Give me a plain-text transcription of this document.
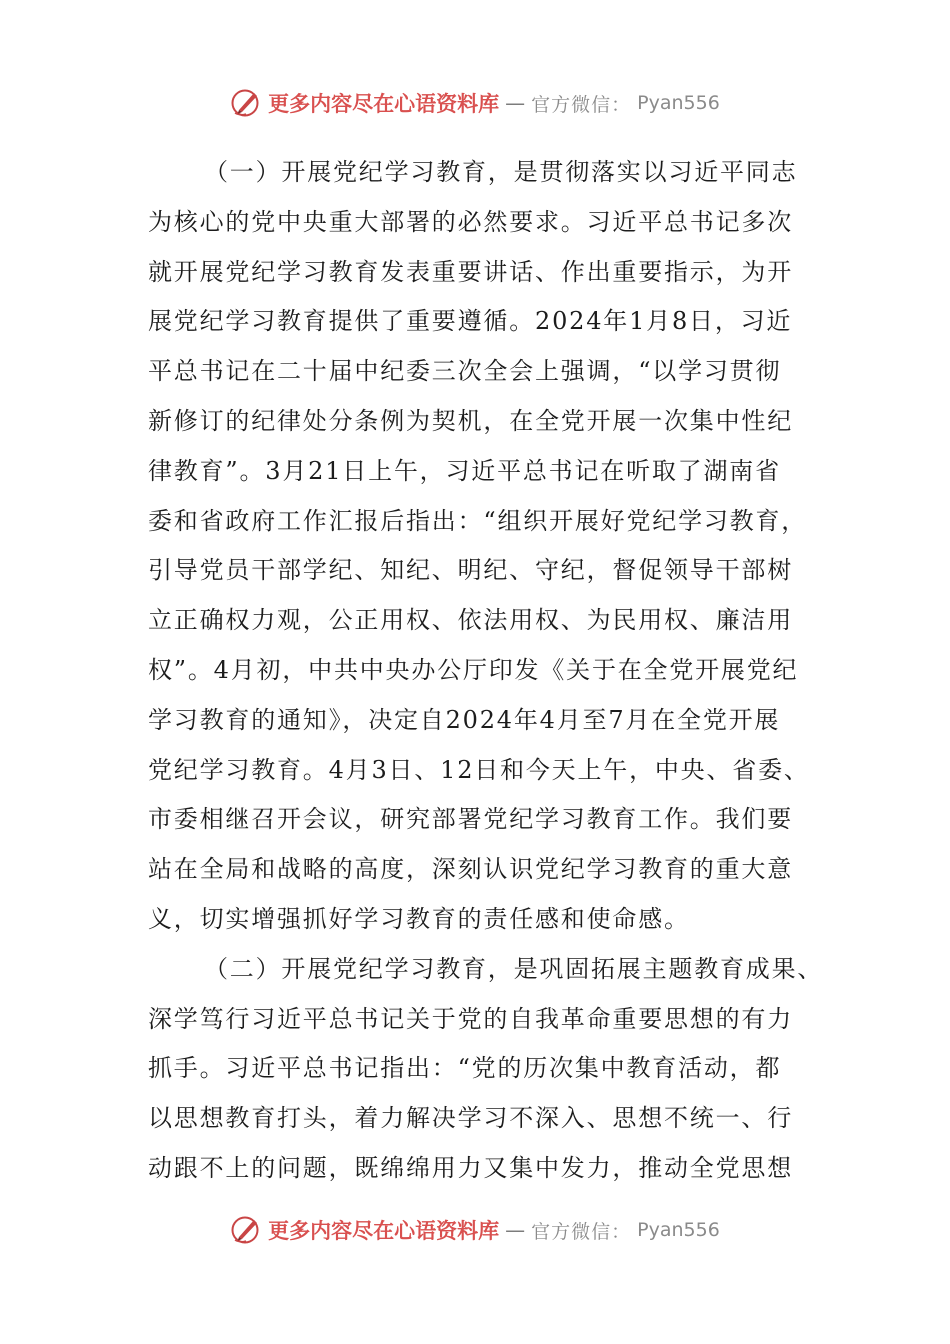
更多内容尽在心语资料库 — 官方微信： Pyan556
（一）开展党纪学习教育，是贯彻落实以习近平同志
为核心的党中央重大部署的必然要求。习近平总书记多次
就开展党纪学习教育发表重要讲话、作出重要指示，为开
展党纪学习教育提供了重要遵循。2024年1月8日，习近
平总书记在二十届中纪委三次全会上强调，“以学习贯彻
新修订的纪律处分条例为契机，在全党开展一次集中性纪
律教育”。3月21日上午，习近平总书记在听取了湖南省
委和省政府工作汇报后指出：“组织开展好党纪学习教育，
引导党员干部学纪、知纪、明纪、守纪，督促领导干部树
立正确权力观，公正用权、依法用权、为民用权、廉洁用
权”。4月初，中共中央办公厅印发《关于在全党开展党纪
学习教育的通知》，决定自2024年4月至7月在全党开展
党纪学习教育。4月3日、12日和今天上午，中央、省委、
市委相继召开会议，研究部署党纪学习教育工作。我们要
站在全局和战略的高度，深刻认识党纪学习教育的重大意
义，切实增强抓好学习教育的责任感和使命感。
（二）开展党纪学习教育，是巩固拓展主题教育成果、
深学笃行习近平总书记关于党的自我革命重要思想的有力
抓手。习近平总书记指出：“党的历次集中教育活动，都
以思想教育打头，着力解决学习不深入、思想不统一、行
动跟不上的问题，既绵绵用力又集中发力，推动全党思想
更多内容尽在心语资料库 — 官方微信： Pyan556
